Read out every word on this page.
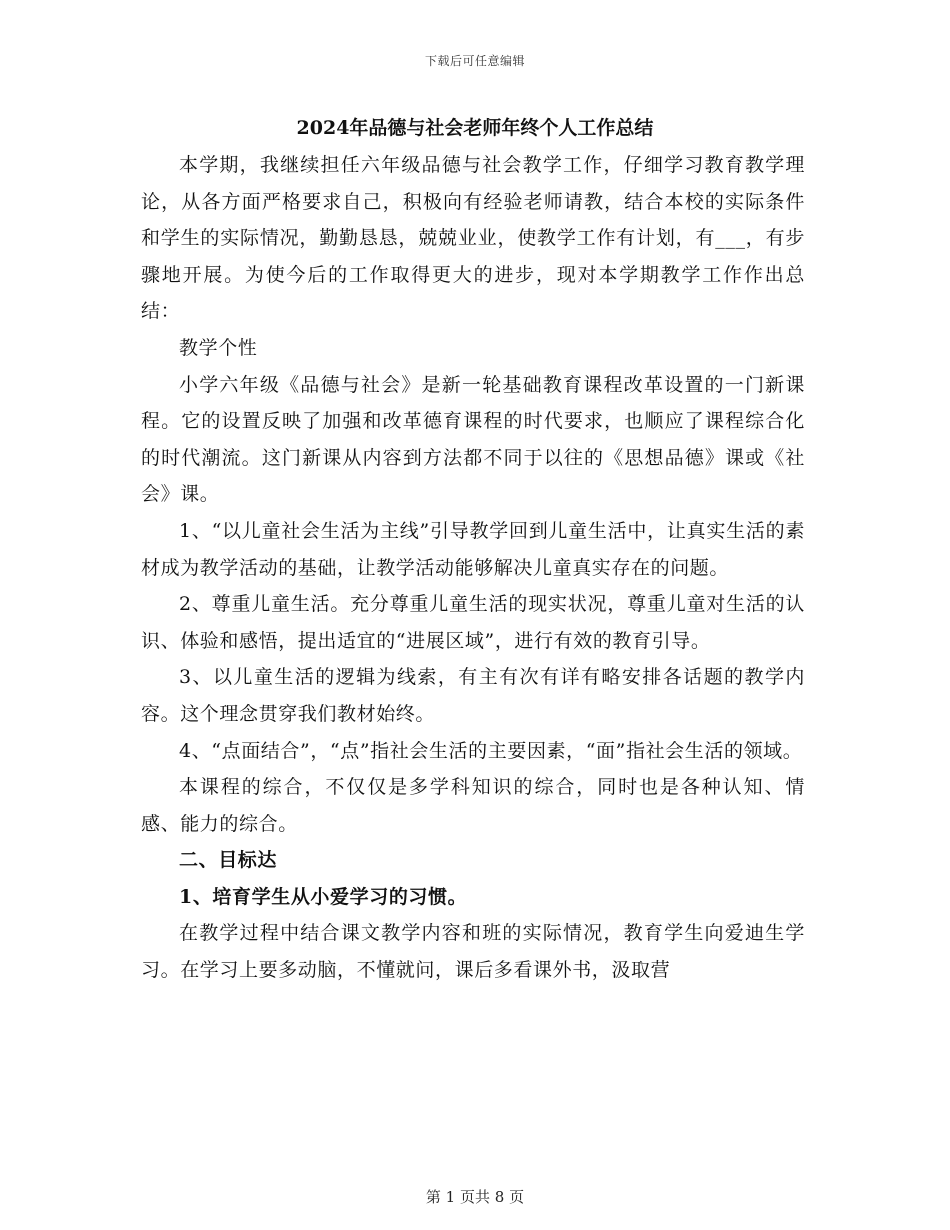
下载后可任意编辑
2024年品德与社会老师年终个人工作总结

本学期，我继续担任六年级品德与社会教学工作，仔细学习教育教学理论，从各方面严格要求自己，积极向有经验老师请教，结合本校的实际条件和学生的实际情况，勤勤恳恳，兢兢业业，使教学工作有计划，有___，有步骤地开展。为使今后的工作取得更大的进步，现对本学期教学工作作出总结：

教学个性

小学六年级《品德与社会》是新一轮基础教育课程改革设置的一门新课程。它的设置反映了加强和改革德育课程的时代要求，也顺应了课程综合化的时代潮流。这门新课从内容到方法都不同于以往的《思想品德》课或《社会》课。

1、“以儿童社会生活为主线”引导教学回到儿童生活中，让真实生活的素材成为教学活动的基础，让教学活动能够解决儿童真实存在的问题。

2、尊重儿童生活。充分尊重儿童生活的现实状况，尊重儿童对生活的认识、体验和感悟，提出适宜的“进展区域”，进行有效的教育引导。

3、以儿童生活的逻辑为线索，有主有次有详有略安排各话题的教学内容。这个理念贯穿我们教材始终。

4、“点面结合”，“点”指社会生活的主要因素，“面”指社会生活的领域。

本课程的综合，不仅仅是多学科知识的综合，同时也是各种认知、情感、能力的综合。

二、目标达

1、培育学生从小爱学习的习惯。

在教学过程中结合课文教学内容和班的实际情况，教育学生向爱迪生学习。在学习上要多动脑，不懂就问，课后多看课外书，汲取营

第 1 页共 8 页
